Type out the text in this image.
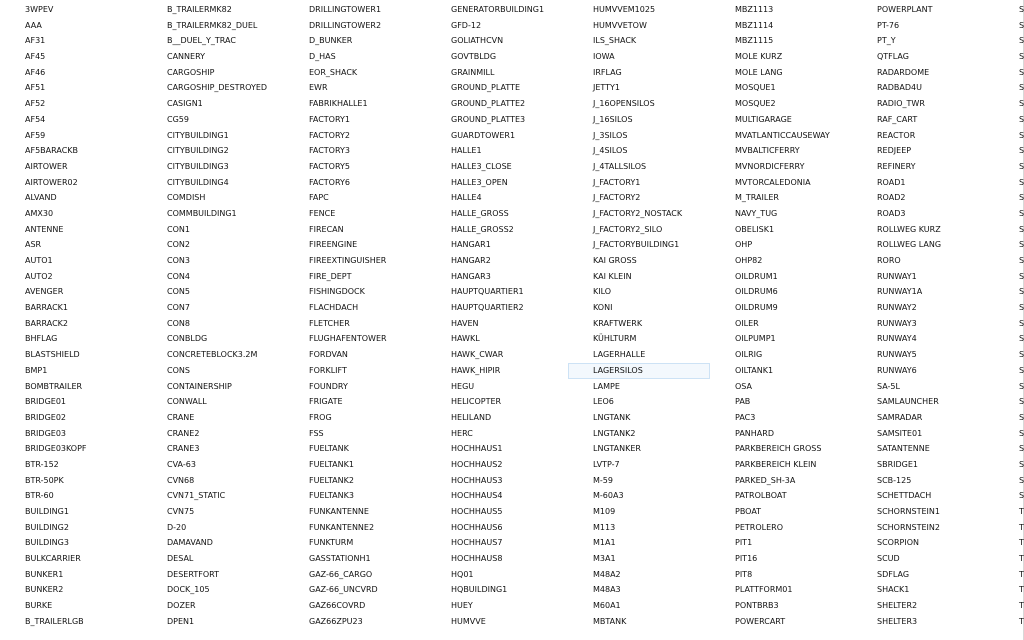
3WPEV
AAA
AF31
AF45
AF46
AF51
AF52
AF54
AF59
AF5BARACKB
AIRTOWER
AIRTOWER02
ALVAND
AMX30
ANTENNE
ASR
AUTO1
AUTO2
AVENGER
BARRACK1
BARRACK2
BHFLAG
BLASTSHIELD
BMP1
BOMBTRAILER
BRIDGE01
BRIDGE02
BRIDGE03
BRIDGE03KOPF
BTR-152
BTR-50PK
BTR-60
BUILDING1
BUILDING2
BUILDING3
BULKCARRIER
BUNKER1
BUNKER2
BURKE
B_TRAILERLGB
B_TRAILERMK82
B_TRAILERMK82_DUEL
B__DUEL_Y_TRAC
CANNERY
CARGOSHIP
CARGOSHIP_DESTROYED
CASIGN1
CG59
CITYBUILDING1
CITYBUILDING2
CITYBUILDING3
CITYBUILDING4
COMDISH
COMMBUILDING1
CON1
CON2
CON3
CON4
CON5
CON7
CON8
CONBLDG
CONCRETEBLOCK3.2M
CONS
CONTAINERSHIP
CONWALL
CRANE
CRANE2
CRANE3
CVA-63
CVN68
CVN71_STATIC
CVN75
D-20
DAMAVAND
DESAL
DESERTFORT
DOCK_105
DOZER
DPEN1
DRILLINGTOWER1
DRILLINGTOWER2
D_BUNKER
D_HAS
EOR_SHACK
EWR
FABRIKHALLE1
FACTORY1
FACTORY2
FACTORY3
FACTORY5
FACTORY6
FAPC
FENCE
FIRECAN
FIREENGINE
FIREEXTINGUISHER
FIRE_DEPT
FISHINGDOCK
FLACHDACH
FLETCHER
FLUGHAFENTOWER
FORDVAN
FORKLIFT
FOUNDRY
FRIGATE
FROG
FSS
FUELTANK
FUELTANK1
FUELTANK2
FUELTANK3
FUNKANTENNE
FUNKANTENNE2
FUNKTURM
GASSTATIONH1
GAZ-66_CARGO
GAZ-66_UNCVRD
GAZ66COVRD
GAZ66ZPU23
GENERATORBUILDING1
GFD-12
GOLIATHCVN
GOVTBLDG
GRAINMILL
GROUND_PLATTE
GROUND_PLATTE2
GROUND_PLATTE3
GUARDTOWER1
HALLE1
HALLE3_CLOSE
HALLE3_OPEN
HALLE4
HALLE_GROSS
HALLE_GROSS2
HANGAR1
HANGAR2
HANGAR3
HAUPTQUARTIER1
HAUPTQUARTIER2
HAVEN
HAWKL
HAWK_CWAR
HAWK_HIPIR
HEGU
HELICOPTER
HELILAND
HERC
HOCHHAUS1
HOCHHAUS2
HOCHHAUS3
HOCHHAUS4
HOCHHAUS5
HOCHHAUS6
HOCHHAUS7
HOCHHAUS8
HQ01
HQBUILDING1
HUEY
HUMVVE
HUMVVEM1025
HUMVVETOW
ILS_SHACK
IOWA
IRFLAG
JETTY1
J_16OPENSILOS
J_16SILOS
J_3SILOS
J_4SILOS
J_4TALLSILOS
J_FACTORY1
J_FACTORY2
J_FACTORY2_NOSTACK
J_FACTORY2_SILO
J_FACTORYBUILDING1
KAI GROSS
KAI KLEIN
KILO
KONI
KRAFTWERK
KÜHLTURM
LAGERHALLE
LAGERSILOS
LAMPE
LEO6
LNGTANK
LNGTANK2
LNGTANKER
LVTP-7
M-59
M-60A3
M109
M113
M1A1
M3A1
M48A2
M48A3
M60A1
MBTANK
MBZ1113
MBZ1114
MBZ1115
MOLE KURZ
MOLE LANG
MOSQUE1
MOSQUE2
MULTIGARAGE
MVATLANTICCAUSEWAY
MVBALTICFERRY
MVNORDICFERRY
MVTORCALEDONIA
M_TRAILER
NAVY_TUG
OBELISK1
OHP
OHP82
OILDRUM1
OILDRUM6
OILDRUM9
OILER
OILPUMP1
OILRIG
OILTANK1
OSA
PAB
PAC3
PANHARD
PARKBEREICH GROSS
PARKBEREICH KLEIN
PARKED_SH-3A
PATROLBOAT
PBOAT
PETROLERO
PIT1
PIT16
PIT8
PLATTFORM01
PONTBRB3
POWERCART
POWERPLANT
PT-76
PT_Y
QTFLAG
RADARDOME
RADBAD4U
RADIO_TWR
RAF_CART
REACTOR
REDJEEP
REFINERY
ROAD1
ROAD2
ROAD3
ROLLWEG KURZ
ROLLWEG LANG
RORO
RUNWAY1
RUNWAY1A
RUNWAY2
RUNWAY3
RUNWAY4
RUNWAY5
RUNWAY6
SA-5L
SAMLAUNCHER
SAMRADAR
SAMSITE01
SATANTENNE
SBRIDGE1
SCB-125
SCHETTDACH
SCHORNSTEIN1
SCHORNSTEIN2
SCORPION
SCUD
SDFLAG
SHACK1
SHELTER2
SHELTER3
S
S
S
S
S
S
S
S
S
S
S
S
S
S
S
S
S
S
S
S
S
S
S
S
S
S
S
S
S
S
S
S
T
T
T
T
T
T
T
T
